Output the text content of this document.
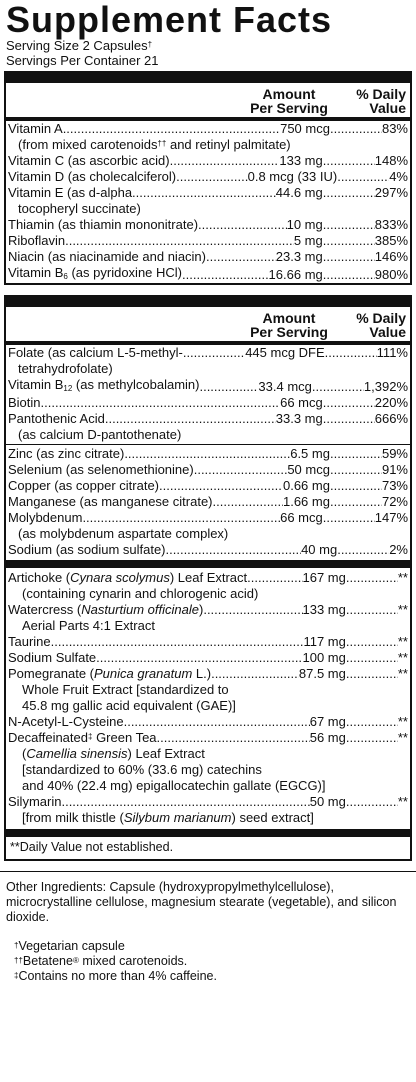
Supplement Facts
Serving Size 2 Capsules†
Servings Per Container 21
Amount
Per Serving
% Daily
Value
Vitamin A .....	750 mcg .....	83%
(from mixed carotenoids†† and retinyl palmitate)
Vitamin C (as ascorbic acid) .....	133 mg .....	148%
Vitamin D (as cholecalciferol) .....	0.8 mcg (33 IU) .....	4%
Vitamin E (as d-alpha .....	44.6 mg .....	297%
tocopheryl succinate)
Thiamin (as thiamin mononitrate) .....	10 mg .....	833%
Riboflavin .....	5 mg .....	385%
Niacin (as niacinamide and niacin) .....	23.3 mg .....	146%
Vitamin $B_6$ (as pyridoxine HCl) .....	16.66 mg .....	980%
Amount
Per Serving
% Daily
Value
Folate (as calcium L-5-methyl- .....	445 mcg DFE .....	111%
tetrahydrofolate)
Vitamin $B_{12}$ (as methylcobalamin) .....	33.4 mcg .....	1,392%
Biotin .....	66 mcg .....	220%
Pantothenic Acid .....	33.3 mg .....	666%
(as calcium D-pantothenate)
Zinc (as zinc citrate) .....	6.5 mg .....	59%
Selenium (as selenomethionine) .....	50 mcg .....	91%
Copper (as copper citrate) .....	0.66 mg .....	73%
Manganese (as manganese citrate) .....	1.66 mg .....	72%
Molybdenum .....	66 mcg .....	147%
(as molybdenum aspartate complex)
Sodium (as sodium sulfate) .....	40 mg .....	2%
Artichoke (Cynara scolymus) Leaf Extract .....	167 mg .....	**
(containing cynarin and chlorogenic acid)
Watercress (Nasturtium officinale) .....	133 mg .....	**
Aerial Parts 4:1 Extract
Taurine .....	117 mg .....	**
Sodium Sulfate .....	100 mg .....	**
Pomegranate (Punica granatum L.) .....	87.5 mg .....	**
Whole Fruit Extract [standardized to
45.8 mg gallic acid equivalent (GAE)]
N-Acetyl-L-Cysteine .....	67 mg .....	**
Decaffeinated‡ Green Tea .....	56 mg .....	**
(Camellia sinensis) Leaf Extract
[standardized to 60% (33.6 mg) catechins
and 40% (22.4 mg) epigallocatechin gallate (EGCG)]
Silymarin .....	50 mg .....	**
[from milk thistle (Silybum marianum) seed extract]
**Daily Value not established.
Other Ingredients: Capsule (hydroxypropylmethylcellulose), microcrystalline cellulose, magnesium stearate (vegetable), and silicon dioxide.
†Vegetarian capsule
††Betatene® mixed carotenoids.
‡Contains no more than 4% caffeine.
